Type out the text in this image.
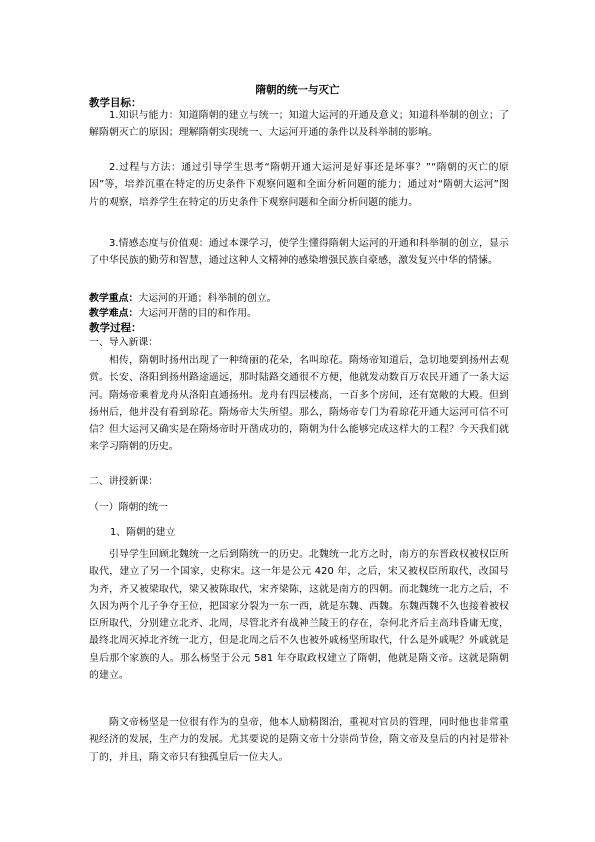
隋朝的统一与灭亡
教学目标：

1.知识与能力：知道隋朝的建立与统一；知道大运河的开通及意义；知道科举制的创立；了解隋朝灭亡的原因；理解隋朝实现统一、大运河开通的条件以及科举制的影响。

2.过程与方法：通过引导学生思考“隋朝开通大运河是好事还是坏事？”“隋朝的灭亡的原因”等，培养沉重在特定的历史条件下观察问题和全面分析问题的能力；通过对“隋朝大运河”图片的观察，培养学生在特定的历史条件下观察问题和全面分析问题的能力。

3.情感态度与价值观：通过本课学习，使学生懂得隋朝大运河的开通和科举制的创立，显示了中华民族的勤劳和智慧，通过这种人文精神的感染增强民族自豪感，激发复兴中华的情愫。

教学重点：大运河的开通；科举制的创立。
教学难点：大运河开凿的目的和作用。
教学过程：
一、导入新课：

相传，隋朝时扬州出现了一种绮丽的花朵，名叫琼花。隋炀帝知道后，急切地要到扬州去观赏。长安、洛阳到扬州路途遥远，那时陆路交通很不方便，他就发动数百万农民开通了一条大运河。隋炀帝乘着龙舟从洛阳直通扬州。龙舟有四层楼高，一百多个房间，还有宽敞的大殿。但到扬州后，他并没有看到琼花。隋炀帝大失所望。那么，隋炀帝专门为看琼花开通大运河可信不可信？但大运河又确实是在隋炀帝时开凿成功的，隋朝为什么能够完成这样大的工程？今天我们就来学习隋朝的历史。

二、讲授新课：
（一）隋朝的统一
1、隋朝的建立

引导学生回顾北魏统一之后到隋统一的历史。北魏统一北方之时，南方的东晋政权被权臣所取代，建立了另一个国家，史称宋。这一年是公元 420 年，之后，宋又被权臣所取代，改国号为齐，齐又被梁取代，梁又被陈取代，宋齐梁陈，这就是南方的四朝。而北魏统一北方之后，不久因为两个儿子争夺王位，把国家分裂为一东一西，就是东魏、西魏。东魏西魏不久也接着被权臣所取代，分别建立北齐、北周，尽管北齐有战神兰陵王的存在，奈何北齐后主高玮昏庸无度，最终北周灭掉北齐统一北方，但是北周之后不久也被外戚杨坚所取代，什么是外戚呢？外戚就是皇后那个家族的人。那么杨坚于公元 581 年夺取政权建立了隋朝，他就是隋文帝。这就是隋朝的建立。

隋文帝杨坚是一位很有作为的皇帝，他本人励精图治，重视对官员的管理，同时他也非常重视经济的发展，生产力的发展。尤其要说的是隋文帝十分崇尚节俭，隋文帝及皇后的内衬是带补丁的，并且，隋文帝只有独孤皇后一位夫人。
